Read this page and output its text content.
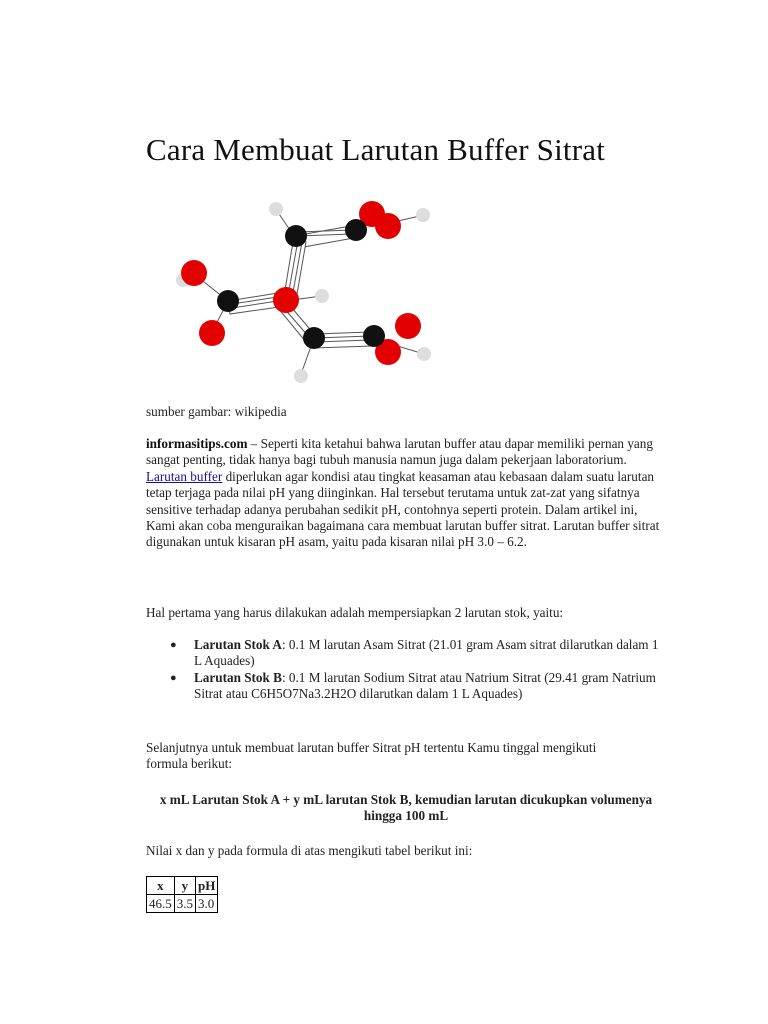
Cara Membuat Larutan Buffer Sitrat

sumber gambar: wikipedia

informasitips.com – Seperti kita ketahui bahwa larutan buffer atau dapar memiliki pernan yang sangat penting, tidak hanya bagi tubuh manusia namun juga dalam pekerjaan laboratorium. Larutan buffer diperlukan agar kondisi atau tingkat keasaman atau kebasaan dalam suatu larutan tetap terjaga pada nilai pH yang diinginkan. Hal tersebut terutama untuk zat-zat yang sifatnya sensitive terhadap adanya perubahan sedikit pH, contohnya seperti protein. Dalam artikel ini, Kami akan coba menguraikan bagaimana cara membuat larutan buffer sitrat. Larutan buffer sitrat digunakan untuk kisaran pH asam, yaitu pada kisaran nilai pH 3.0 – 6.2.

Hal pertama yang harus dilakukan adalah mempersiapkan 2 larutan stok, yaitu:

● Larutan Stok A: 0.1 M larutan Asam Sitrat (21.01 gram Asam sitrat dilarutkan dalam 1 L Aquades)
● Larutan Stok B: 0.1 M larutan Sodium Sitrat atau Natrium Sitrat (29.41 gram Natrium Sitrat atau C6H5O7Na3.2H2O dilarutkan dalam 1 L Aquades)

Selanjutnya untuk membuat larutan buffer Sitrat pH tertentu Kamu tinggal mengikuti formula berikut:

x mL Larutan Stok A + y mL larutan Stok B, kemudian larutan dicukupkan volumenya hingga 100 mL

Nilai x dan y pada formula di atas mengikuti tabel berikut ini:

x	y	pH
46.5	3.5	3.0
